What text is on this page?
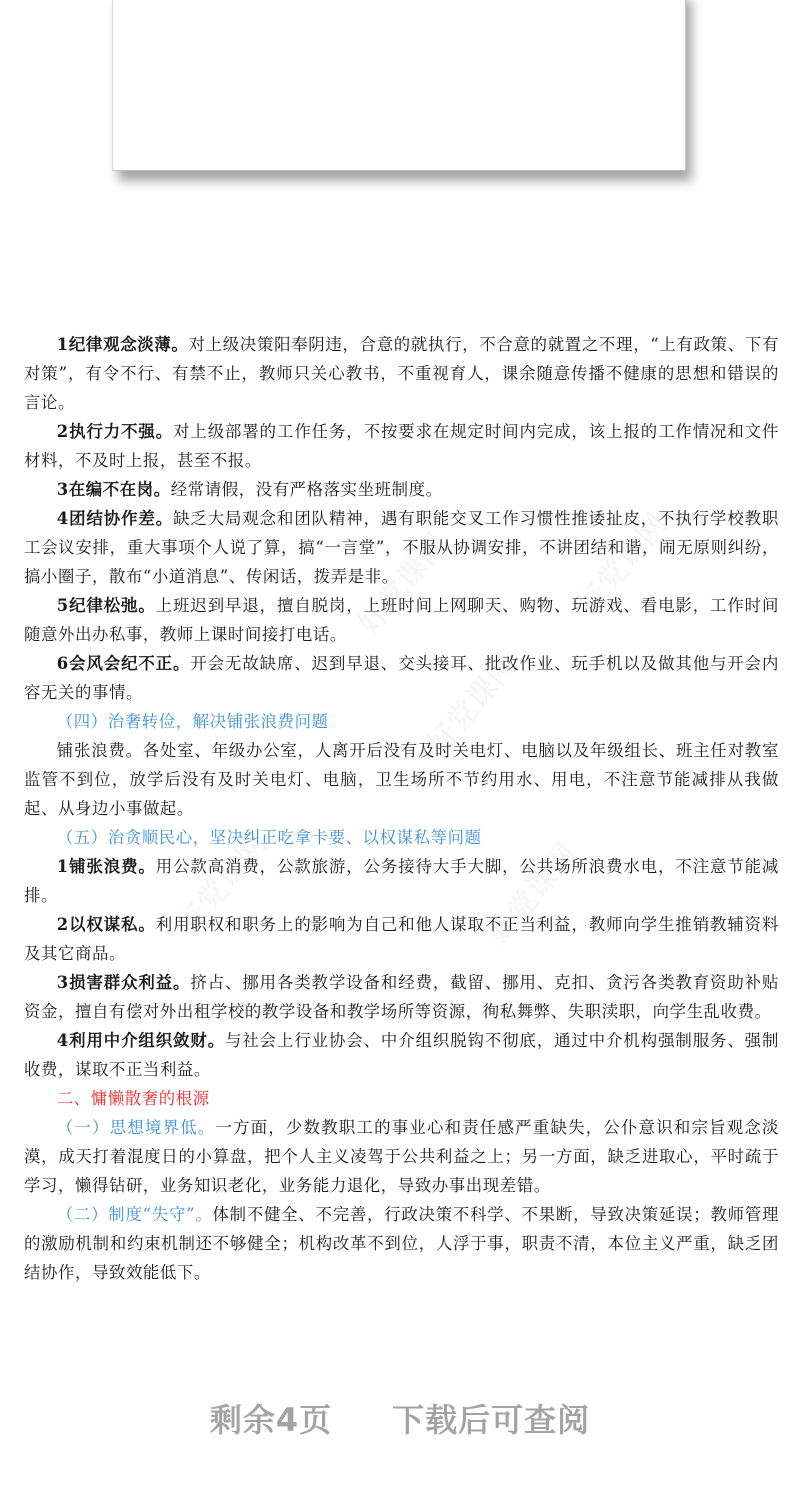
好党课网	好党课网
好党课网	好党课网
好党课网

1纪律观念淡薄。对上级决策阳奉阴违，合意的就执行，不合意的就置之不理，“上有政策、下有对策”，有令不行、有禁不止，教师只关心教书，不重视育人，课余随意传播不健康的思想和错误的言论。

2执行力不强。对上级部署的工作任务，不按要求在规定时间内完成，该上报的工作情况和文件材料，不及时上报，甚至不报。

3在编不在岗。经常请假，没有严格落实坐班制度。

4团结协作差。缺乏大局观念和团队精神，遇有职能交叉工作习惯性推诿扯皮，不执行学校教职工会议安排，重大事项个人说了算，搞“一言堂”，不服从协调安排，不讲团结和谐，闹无原则纠纷，搞小圈子，散布“小道消息”、传闲话，拨弄是非。

5纪律松弛。上班迟到早退，擅自脱岗，上班时间上网聊天、购物、玩游戏、看电影，工作时间随意外出办私事，教师上课时间接打电话。

6会风会纪不正。开会无故缺席、迟到早退、交头接耳、批改作业、玩手机以及做其他与开会内容无关的事情。

（四）治奢转俭，解决铺张浪费问题

铺张浪费。各处室、年级办公室，人离开后没有及时关电灯、电脑以及年级组长、班主任对教室监管不到位，放学后没有及时关电灯、电脑，卫生场所不节约用水、用电，不注意节能减排从我做起、从身边小事做起。

（五）治贪顺民心，坚决纠正吃拿卡要、以权谋私等问题

1铺张浪费。用公款高消费，公款旅游，公务接待大手大脚，公共场所浪费水电，不注意节能减排。

2以权谋私。利用职权和职务上的影响为自己和他人谋取不正当利益，教师向学生推销教辅资料及其它商品。

3损害群众利益。挤占、挪用各类教学设备和经费，截留、挪用、克扣、贪污各类教育资助补贴资金，擅自有偿对外出租学校的教学设备和教学场所等资源，徇私舞弊、失职渎职，向学生乱收费。

4利用中介组织敛财。与社会上行业协会、中介组织脱钩不彻底，通过中介机构强制服务、强制收费，谋取不正当利益。

二、慵懒散奢的根源

（一）思想境界低。一方面，少数教职工的事业心和责任感严重缺失，公仆意识和宗旨观念淡漠，成天打着混度日的小算盘，把个人主义凌驾于公共利益之上；另一方面，缺乏进取心，平时疏于学习，懒得钻研，业务知识老化，业务能力退化，导致办事出现差错。

（二）制度“失守”。体制不健全、不完善，行政决策不科学、不果断，导致决策延误；教师管理的激励机制和约束机制还不够健全；机构改革不到位，人浮于事，职责不清，本位主义严重，缺乏团结协作，导致效能低下。

剩余4页 下载后可查阅
